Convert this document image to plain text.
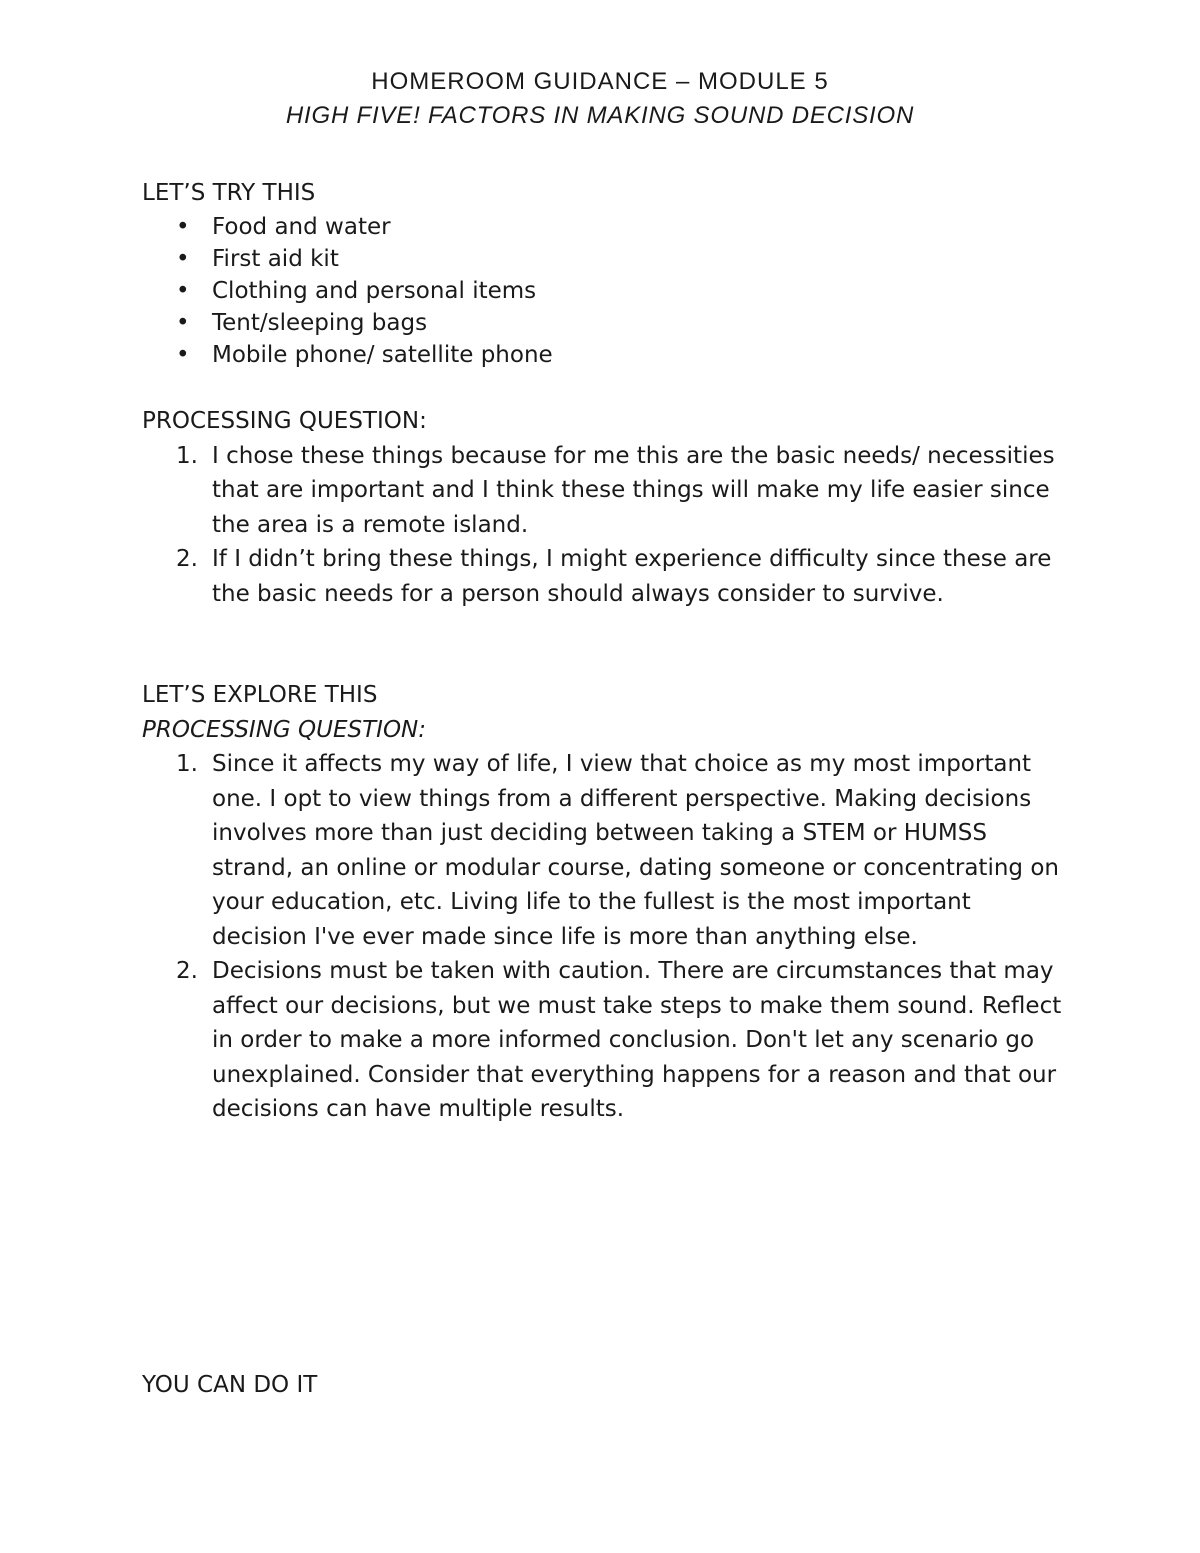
HOMEROOM GUIDANCE – MODULE 5
HIGH FIVE! FACTORS IN MAKING SOUND DECISION
LET’S TRY THIS
• Food and water
• First aid kit
• Clothing and personal items
• Tent/sleeping bags
• Mobile phone/ satellite phone
PROCESSING QUESTION:
1. I chose these things because for me this are the basic needs/ necessities that are important and I think these things will make my life easier since the area is a remote island.
2. If I didn’t bring these things, I might experience difficulty since these are the basic needs for a person should always consider to survive.
LET’S EXPLORE THIS
PROCESSING QUESTION:
1. Since it affects my way of life, I view that choice as my most important one. I opt to view things from a different perspective. Making decisions involves more than just deciding between taking a STEM or HUMSS strand, an online or modular course, dating someone or concentrating on your education, etc. Living life to the fullest is the most important decision I've ever made since life is more than anything else.
2. Decisions must be taken with caution. There are circumstances that may affect our decisions, but we must take steps to make them sound. Reflect in order to make a more informed conclusion. Don't let any scenario go unexplained. Consider that everything happens for a reason and that our decisions can have multiple results.
YOU CAN DO IT
